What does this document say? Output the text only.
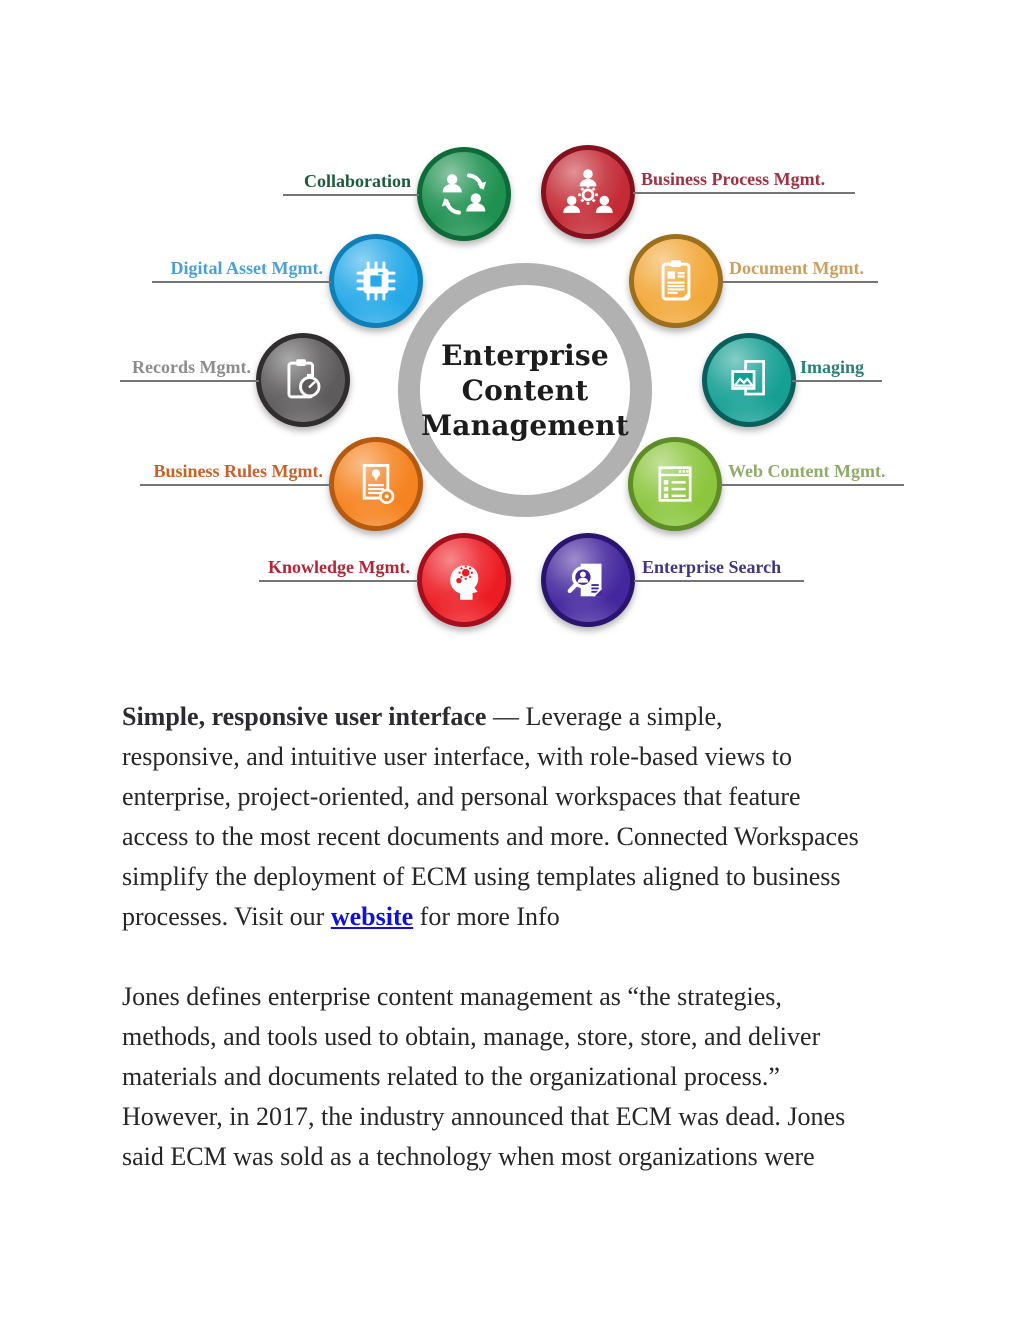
Enterprise
Content
Management
Collaboration	Business Process Mgmt.
Digital Asset Mgmt.	Document Mgmt.
Records Mgmt.	Imaging
Business Rules Mgmt.	Web Content Mgmt.
Knowledge Mgmt.	Enterprise Search
Simple, responsive user interface — Leverage a simple,
responsive, and intuitive user interface, with role-based views to
enterprise, project-oriented, and personal workspaces that feature
access to the most recent documents and more. Connected Workspaces
simplify the deployment of ECM using templates aligned to business
processes. Visit our website for more Info
Jones defines enterprise content management as “the strategies,
methods, and tools used to obtain, manage, store, store, and deliver
materials and documents related to the organizational process.”
However, in 2017, the industry announced that ECM was dead. Jones
said ECM was sold as a technology when most organizations were
